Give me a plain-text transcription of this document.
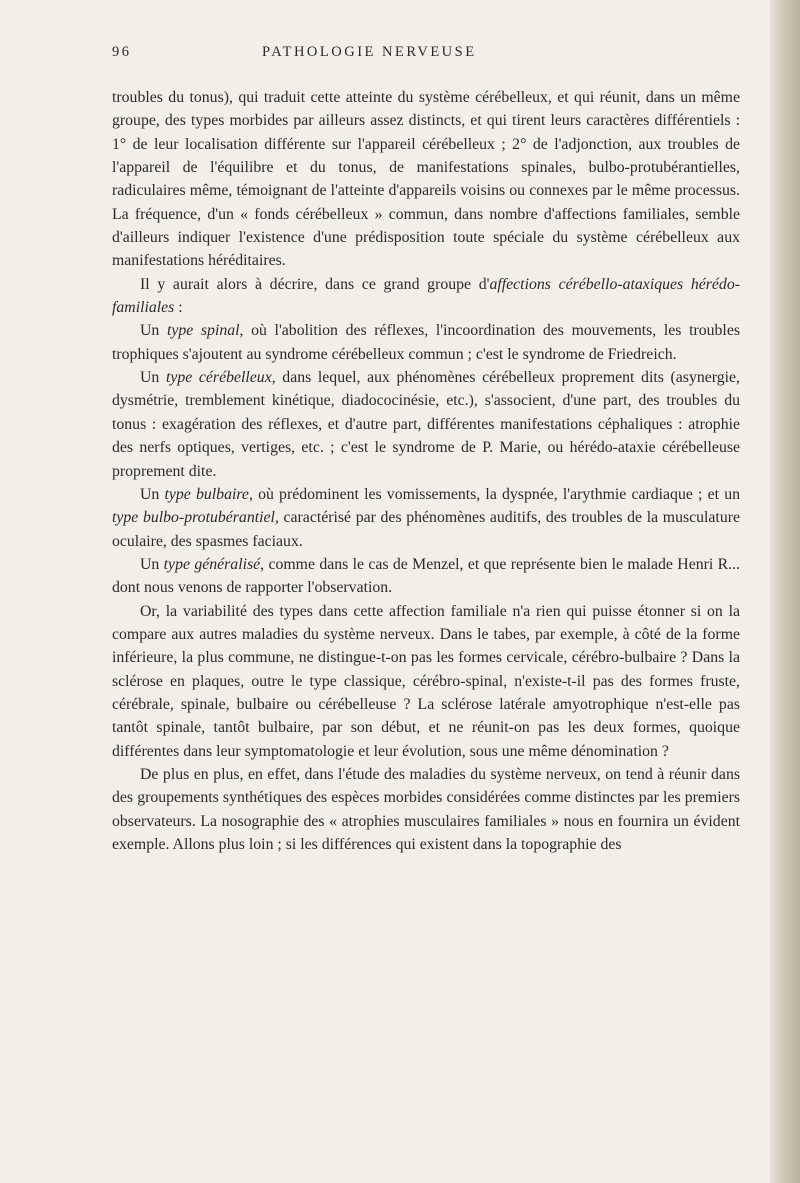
96	PATHOLOGIE NERVEUSE

troubles du tonus), qui traduit cette atteinte du système cérébelleux, et qui réunit, dans un même groupe, des types morbides par ailleurs assez distincts, et qui tirent leurs caractères différentiels : 1° de leur localisation différente sur l'appareil cérébelleux ; 2° de l'adjonction, aux troubles de l'appareil de l'équilibre et du tonus, de manifestations spinales, bulbo-protubérantielles, radiculaires même, témoignant de l'atteinte d'appareils voisins ou connexes par le même processus. La fréquence, d'un « fonds cérébelleux » commun, dans nombre d'affections familiales, semble d'ailleurs indiquer l'existence d'une prédisposition toute spéciale du système cérébelleux aux manifestations héréditaires.

Il y aurait alors à décrire, dans ce grand groupe d'affections cérébello-ataxiques hérédo-familiales :

Un type spinal, où l'abolition des réflexes, l'incoordination des mouvements, les troubles trophiques s'ajoutent au syndrome cérébelleux commun ; c'est le syndrome de Friedreich.

Un type cérébelleux, dans lequel, aux phénomènes cérébelleux proprement dits (asynergie, dysmétrie, tremblement kinétique, diadococinésie, etc.), s'associent, d'une part, des troubles du tonus : exagération des réflexes, et d'autre part, différentes manifestations céphaliques : atrophie des nerfs optiques, vertiges, etc. ; c'est le syndrome de P. Marie, ou hérédo-ataxie cérébelleuse proprement dite.

Un type bulbaire, où prédominent les vomissements, la dyspnée, l'arythmie cardiaque ; et un type bulbo-protubérantiel, caractérisé par des phénomènes auditifs, des troubles de la musculature oculaire, des spasmes faciaux.

Un type généralisé, comme dans le cas de Menzel, et que représente bien le malade Henri R... dont nous venons de rapporter l'observation.

Or, la variabilité des types dans cette affection familiale n'a rien qui puisse étonner si on la compare aux autres maladies du système nerveux. Dans le tabes, par exemple, à côté de la forme inférieure, la plus commune, ne distingue-t-on pas les formes cervicale, cérébro-bulbaire ? Dans la sclérose en plaques, outre le type classique, cérébro-spinal, n'existe-t-il pas des formes fruste, cérébrale, spinale, bulbaire ou cérébelleuse ? La sclérose latérale amyotrophique n'est-elle pas tantôt spinale, tantôt bulbaire, par son début, et ne réunit-on pas les deux formes, quoique différentes dans leur symptomatologie et leur évolution, sous une même dénomination ?

De plus en plus, en effet, dans l'étude des maladies du système nerveux, on tend à réunir dans des groupements synthétiques des espèces morbides considérées comme distinctes par les premiers observateurs. La nosographie des « atrophies musculaires familiales » nous en fournira un évident exemple. Allons plus loin ; si les différences qui existent dans la topographie des
